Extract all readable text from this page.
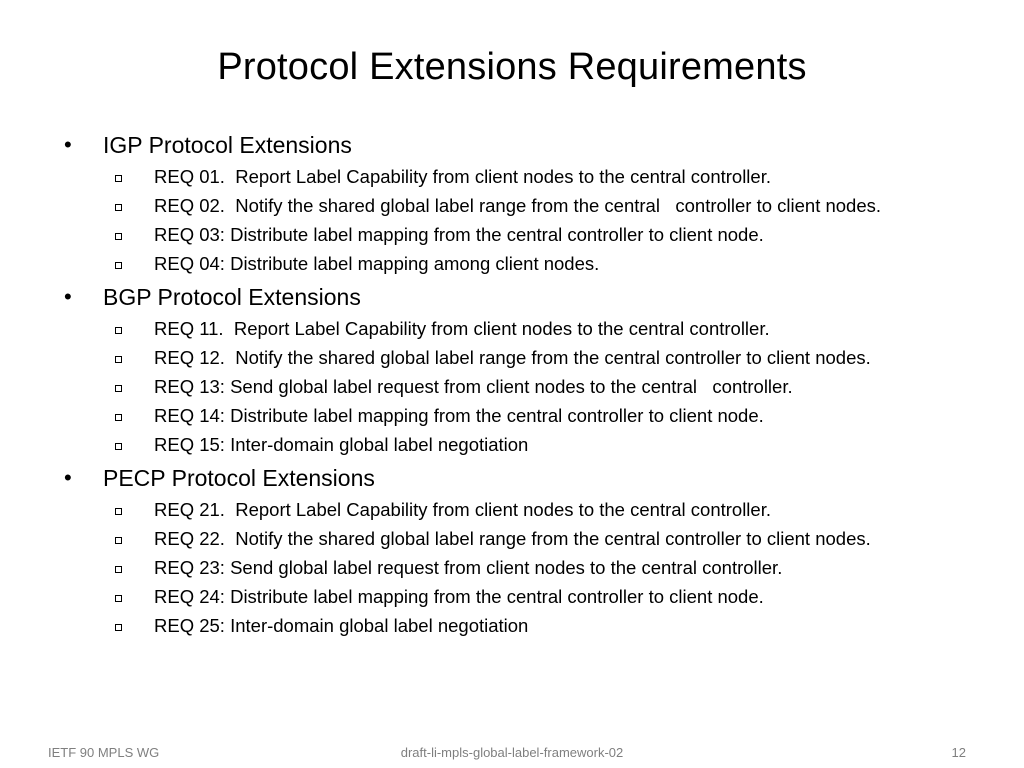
Protocol Extensions Requirements
• IGP Protocol Extensions
REQ 01.  Report Label Capability from client nodes to the central controller.
REQ 02.  Notify the shared global label range from the central   controller to client nodes.
REQ 03: Distribute label mapping from the central controller to client node.
REQ 04: Distribute label mapping among client nodes.
• BGP Protocol Extensions
REQ 11.  Report Label Capability from client nodes to the central controller.
REQ 12.  Notify the shared global label range from the central controller to client nodes.
REQ 13: Send global label request from client nodes to the central   controller.
REQ 14: Distribute label mapping from the central controller to client node.
REQ 15: Inter-domain global label negotiation
• PECP Protocol Extensions
REQ 21.  Report Label Capability from client nodes to the central controller.
REQ 22.  Notify the shared global label range from the central controller to client nodes.
REQ 23: Send global label request from client nodes to the central controller.
REQ 24: Distribute label mapping from the central controller to client node.
REQ 25: Inter-domain global label negotiation
IETF 90 MPLS WG	draft-li-mpls-global-label-framework-02	12
